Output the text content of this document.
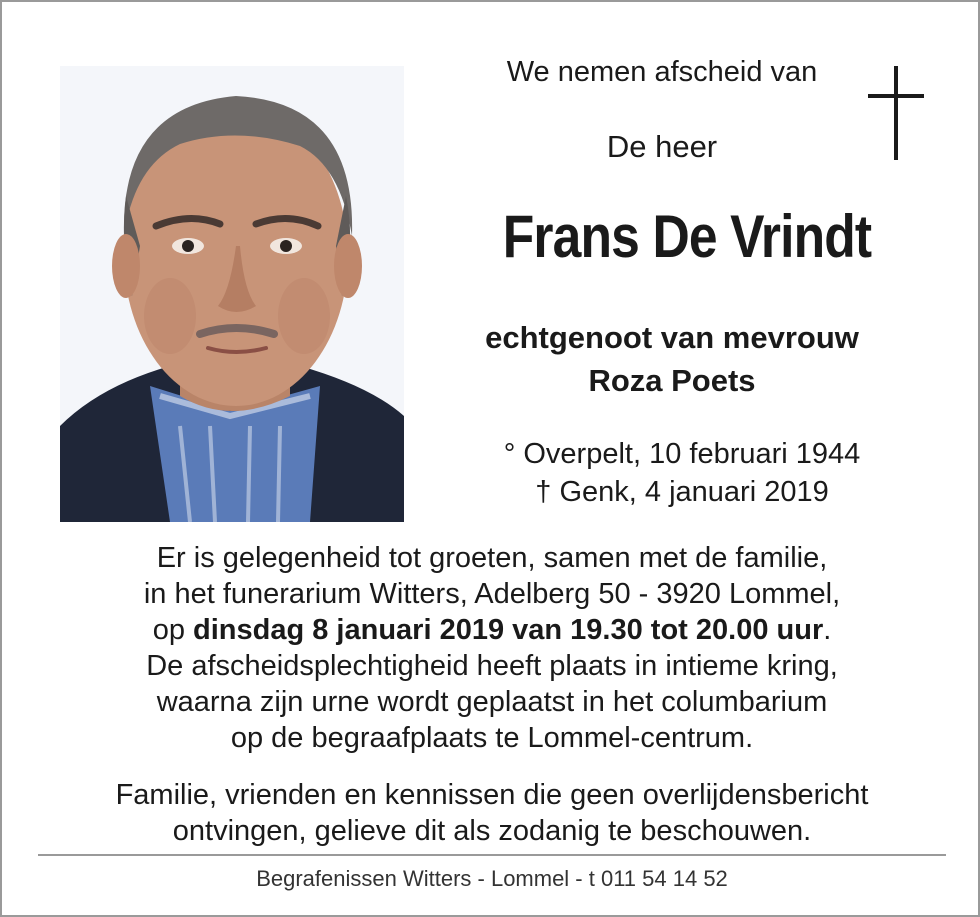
We nemen afscheid van
De heer
Frans De Vrindt
echtgenoot van mevrouw
Roza Poets
° Overpelt, 10 februari 1944
† Genk, 4 januari 2019
Er is gelegenheid tot groeten, samen met de familie,
in het funerarium Witters, Adelberg 50 - 3920 Lommel,
op dinsdag 8 januari 2019 van 19.30 tot 20.00 uur.
De afscheidsplechtigheid heeft plaats in intieme kring,
waarna zijn urne wordt geplaatst in het columbarium
op de begraafplaats te Lommel-centrum.
Familie, vrienden en kennissen die geen overlijdensbericht
ontvingen, gelieve dit als zodanig te beschouwen.
Begrafenissen Witters - Lommel - t 011 54 14 52
